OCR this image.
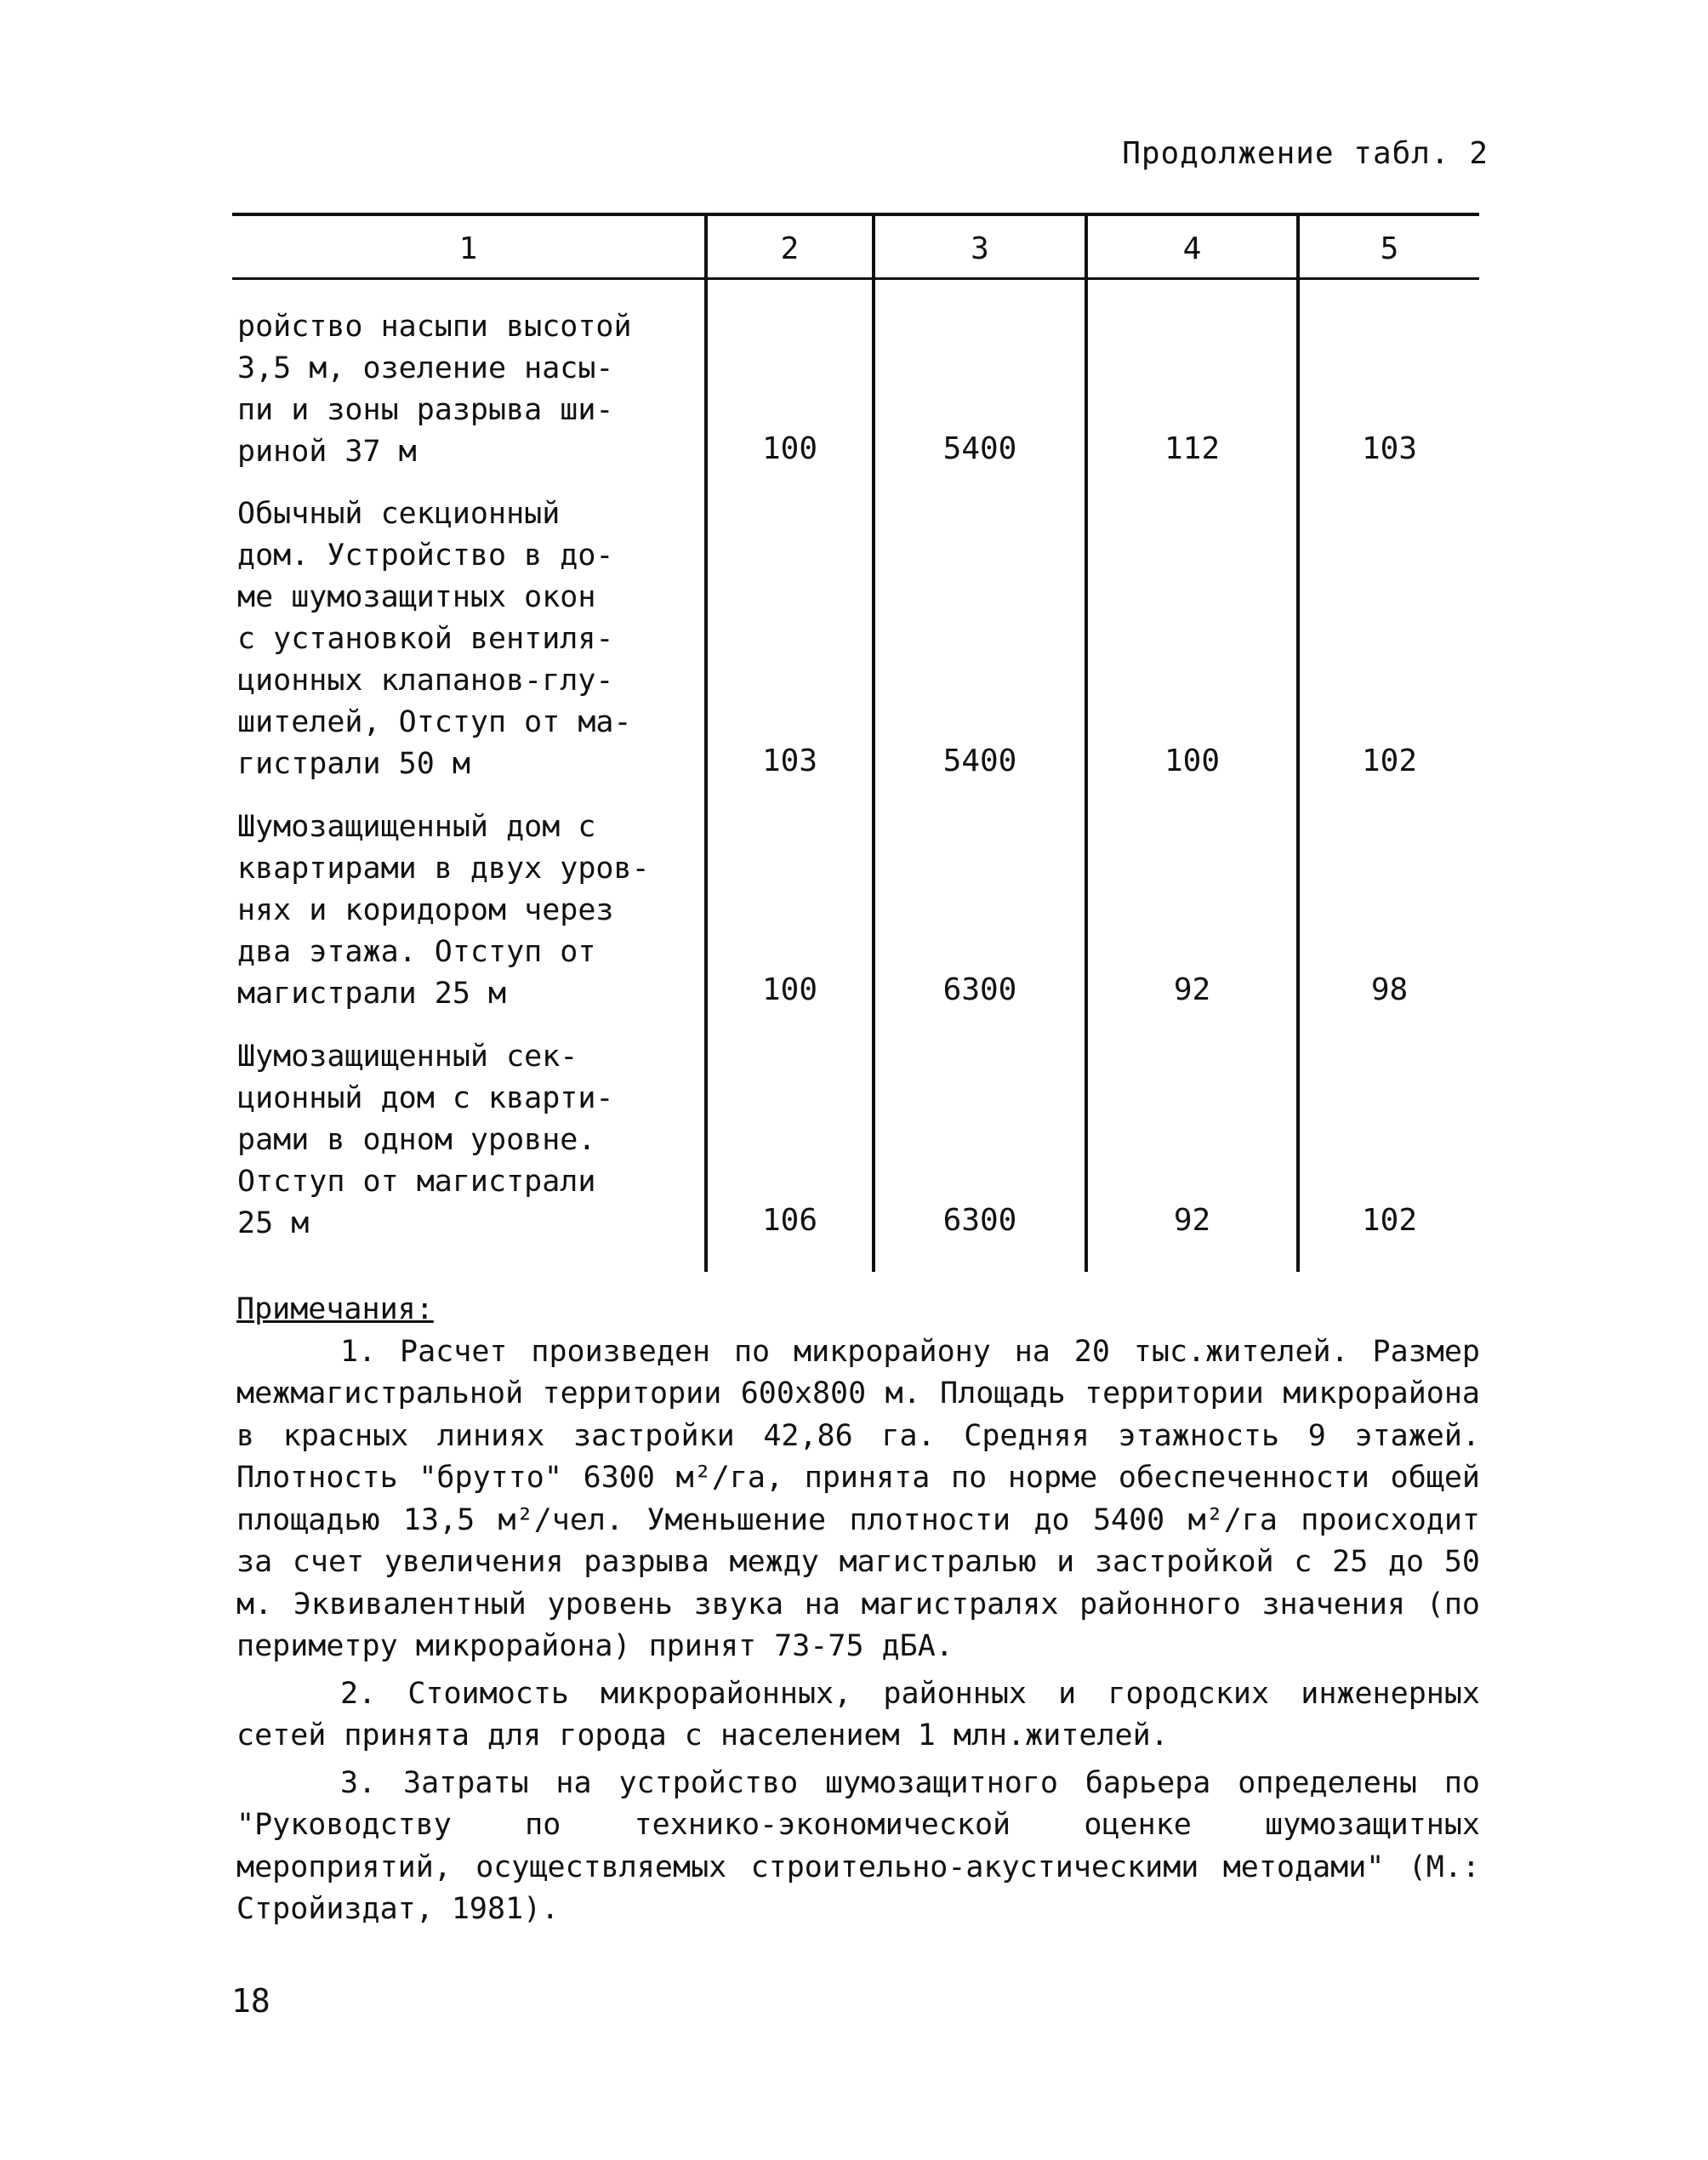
Продолжение табл. 2
1	2	3	4	5
ройство насыпи высотой
3,5 м, озеление насы-
пи и зоны разрыва ши-
риной 37 м	100	5400	112	103
Обычный секционный
дом. Устройство в до-
ме шумозащитных окон
с установкой вентиля-
ционных клапанов-глу-
шителей, Отступ от ма-
гистрали 50 м	103	5400	100	102
Шумозащищенный дом с
квартирами в двух уров-
нях и коридором через
два этажа. Отступ от
магистрали 25 м	100	6300	92	98
Шумозащищенный сек-
ционный дом с кварти-
рами в одном уровне.
Отступ от магистрали
25 м	106	6300	92	102
Примечания:

1. Расчет произведен по микрорайону на 20 тыс.жителей. Размер межмагистральной территории 600х800 м. Площадь территории микрорайона в красных линиях застройки 42,86 га. Средняя этажность 9 этажей. Плотность "брутто" 6300 м²/га, принята по норме обеспеченности общей площадью 13,5 м²/чел. Уменьшение плотности до 5400 м²/га происходит за счет увеличения разрыва между магистралью и застройкой с 25 до 50 м. Эквивалентный уровень звука на магистралях районного значения (по периметру микрорайона) принят 73-75 дБА.

2. Стоимость микрорайонных, районных и городских инженерных сетей принята для города с населением 1 млн.жителей.

3. Затраты на устройство шумозащитного барьера определены по "Руководству по технико-экономической оценке шумозащитных мероприятий, осуществляемых строительно-акустическими методами" (М.: Стройиздат, 1981).

18
